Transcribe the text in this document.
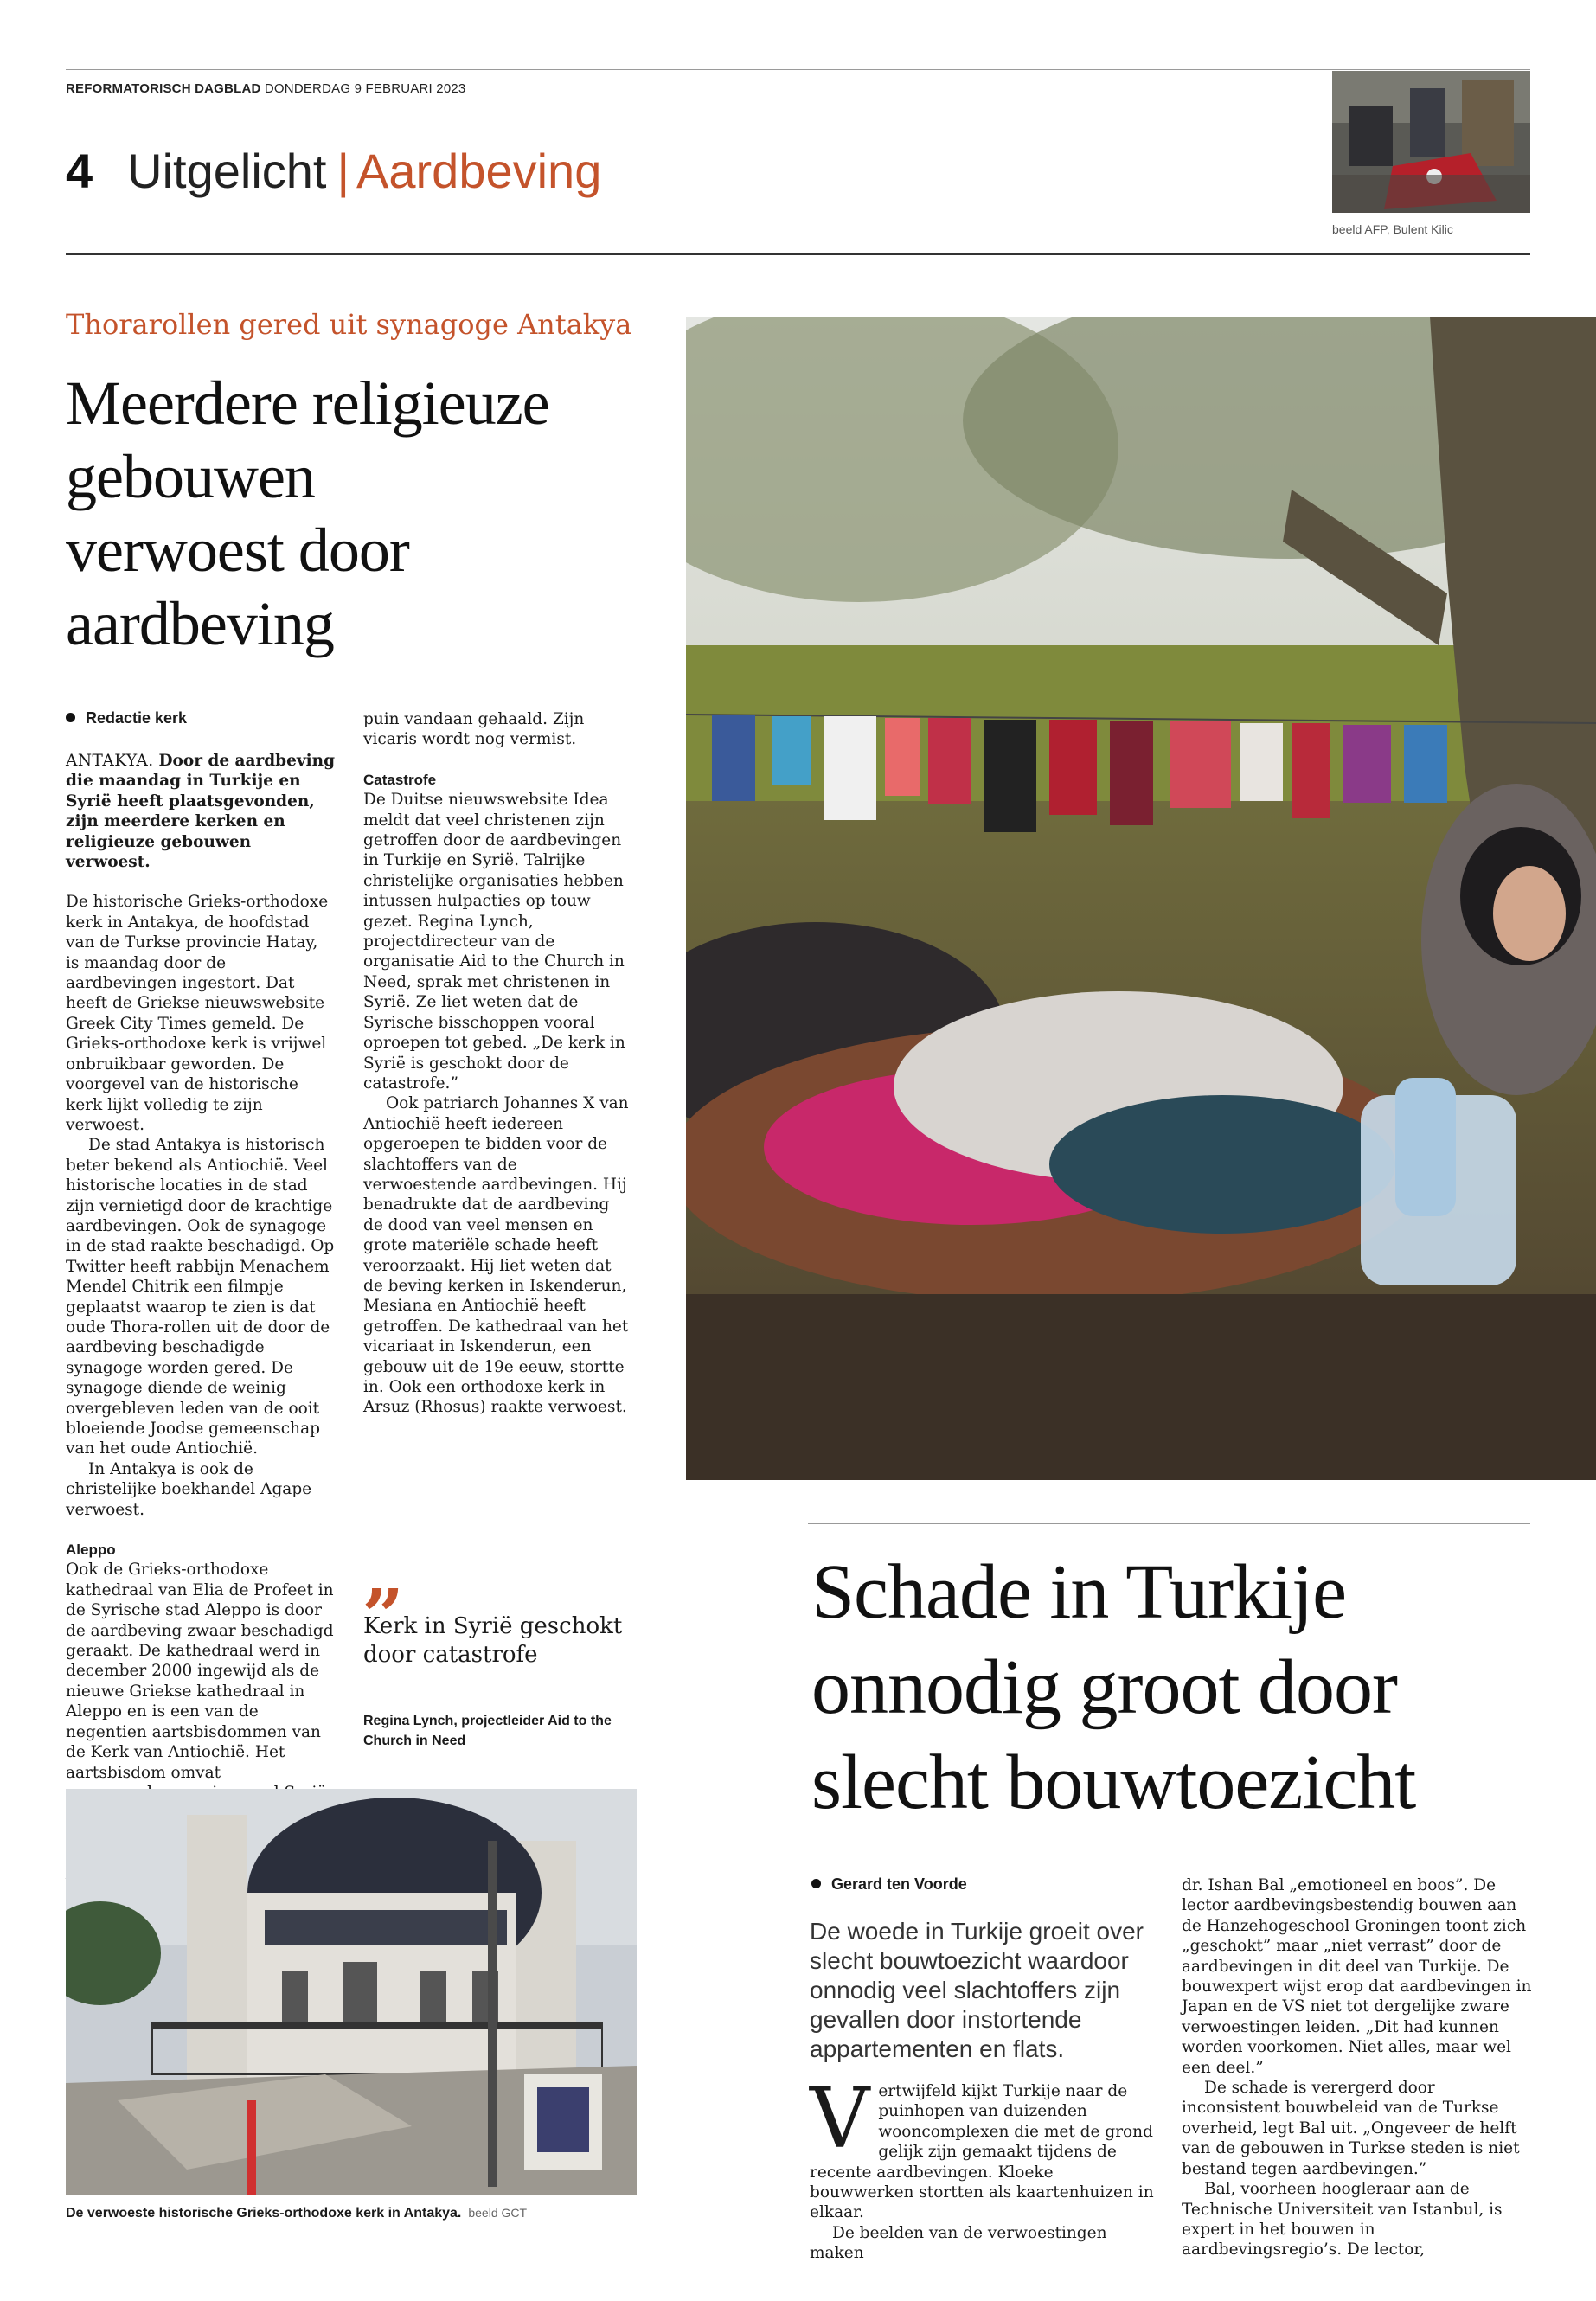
REFORMATORISCH DAGBLAD DONDERDAG 9 FEBRUARI 2023
4 Uitgelicht | Aardbeving
beeld AFP, Bulent Kilic
Thorarollen gered uit synagoge Antakya
Meerdere religieuze
gebouwen
verwoest door
aardbeving
Redactie kerk

ANTAKYA. Door de aardbeving die maandag in Turkije en Syrië heeft plaatsgevonden, zijn meerdere kerken en religieuze gebouwen verwoest.

De historische Grieks-orthodoxe kerk in Antakya, de hoofdstad van de Turkse provincie Hatay, is maandag door de aardbevingen ingestort. Dat heeft de Griekse nieuwswebsite Greek City Times gemeld. De Grieks-orthodoxe kerk is vrijwel onbruikbaar geworden. De voorgevel van de historische kerk lijkt volledig te zijn verwoest.

De stad Antakya is historisch beter bekend als Antiochië. Veel historische locaties in de stad zijn vernietigd door de krachtige aardbevingen. Ook de synagoge in de stad raakte beschadigd. Op Twitter heeft rabbijn Menachem Mendel Chitrik een filmpje geplaatst waarop te zien is dat oude Thora-rollen uit de door de aardbeving beschadigde synagoge worden gered. De synagoge diende de weinig overgebleven leden van de ooit bloeiende Joodse gemeenschap van het oude Antiochië.

In Antakya is ook de christelijke boekhandel Agape verwoest.

Aleppo

Ook de Grieks-orthodoxe kathedraal van Elia de Profeet in de Syrische stad Aleppo is door de aardbeving zwaar beschadigd geraakt. De kathedraal werd in december 2000 ingewijd als de nieuwe Griekse kathedraal in Aleppo en is een van de negentien aartsbisdommen van de Kerk van Antiochië. Het aartsbisdom omvat

puin vandaan gehaald. Zijn vicaris wordt nog vermist.

Catastrofe

De Duitse nieuwswebsite Idea meldt dat veel christenen zijn getroffen door de aardbevingen in Turkije en Syrië. Talrijke christelijke organisaties hebben intussen hulpacties op touw gezet. Regina Lynch, projectdirecteur van de organisatie Aid to the Church in Need, sprak met christenen in Syrië. Ze liet weten dat de Syrische bisschoppen vooral oproepen tot gebed. „De kerk in Syrië is geschokt door de catastrofe.”

Ook patriarch Johannes X van Antiochië heeft iedereen opgeroepen te bidden voor de slachtoffers van de verwoestende aardbevingen. Hij benadrukte dat de aardbeving de dood van veel mensen en grote materiële schade heeft veroorzaakt. Hij liet weten dat de beving kerken in Iskenderun, Mesiana en Antiochië heeft getroffen. De kathedraal van het vicariaat in Iskenderun, een gebouw uit de 19e eeuw, stortte in. Ook een orthodoxe kerk in Arsuz (Rhosus) raakte verwoest.

„
Kerk in Syrië geschokt door catastrofe
Regina Lynch, projectleider Aid to the Church in Need
De verwoeste historische Grieks-orthodoxe kerk in Antakya. beeld GCT
Schade in Turkije
onnodig groot door
slecht bouwtoezicht
Gerard ten Voorde
De woede in Turkije groeit over slecht bouwtoezicht waardoor onnodig veel slachtoffers zijn gevallen door instortende appartementen en flats.

Vertwijfeld kijkt Turkije naar de puinhopen van duizenden wooncomplexen die met de grond gelijk zijn gemaakt tijdens de recente aardbevingen. Kloeke bouwwerken stortten als kaartenhuizen in elkaar.

De beelden van de verwoestingen maken

dr. Ishan Bal „emotioneel en boos”. De lector aardbevingsbestendig bouwen aan de Hanzehogeschool Groningen toont zich „geschokt” maar „niet verrast” door de aardbevingen in dit deel van Turkije. De bouwexpert wijst erop dat aardbevingen in Japan en de VS niet tot dergelijke zware verwoestingen leiden. „Dit had kunnen worden voorkomen. Niet alles, maar wel een deel.”

De schade is verergerd door inconsistent bouwbeleid van de Turkse overheid, legt Bal uit. „Ongeveer de helft van de gebouwen in Turkse steden is niet bestand tegen aardbevingen.”

Bal, voorheen hoogleraar aan de Technische Universiteit van Istanbul, is expert in het bouwen in aardbevingsregio’s. De lector,
